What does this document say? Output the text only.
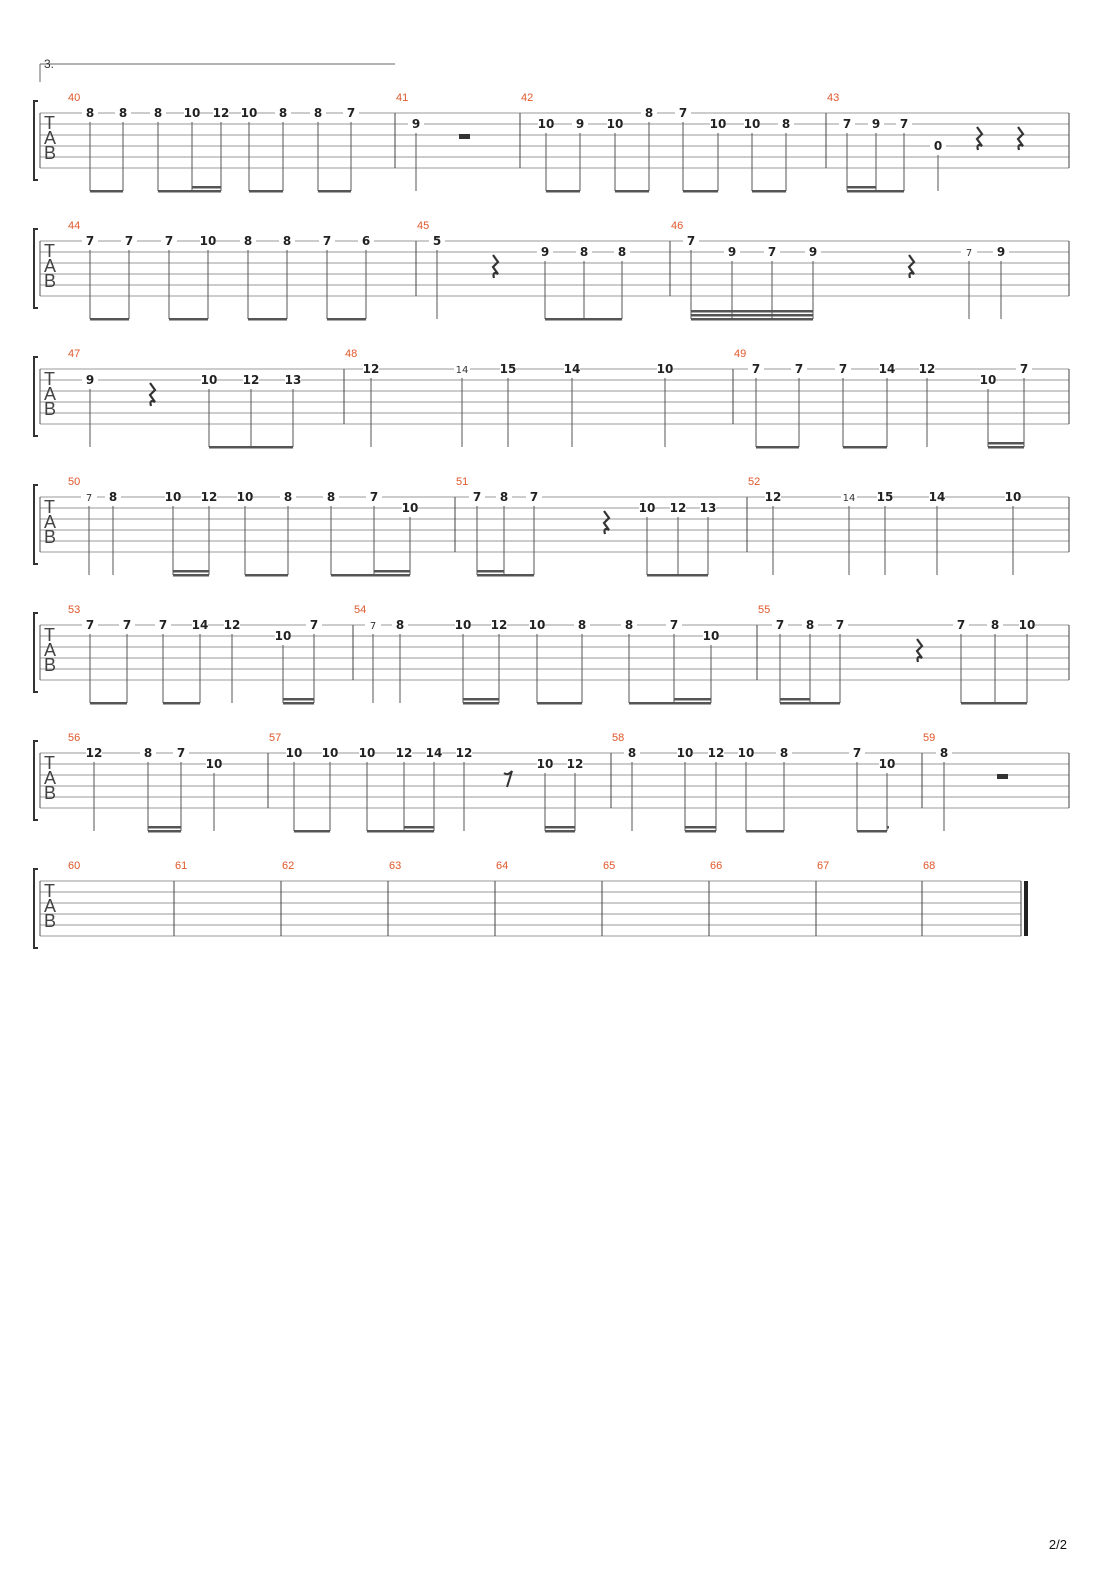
3.
T
A
B
40
8 8 8 10 12 10 8 8 7
41
9
42
10 9 10
8 7
10 10 8
43
7 9 7
0
T
A
B
44
7	7	7 10 8	8	7	6
45
5
9	8 8
46
7
9	7	9	7 9
T
A
B
47
9	10 12 13
48
12	14	15	14	10
49
7	7	7	14 12
10
7
T
A
B
50
7 8	10 12 10	8	8	7
10
51
7 8 7
10 12 13
52
12	14 15	14	10
T
A
B
53
7 7 7 14 12
10
7
54
7 8	10 12 10	8	8	7
10
55
7 8 7	7 8 10
T
A
B
56
12	8 7
10
57
10 10 10 12 14 12
10 12
58
8	10 12 10 8	7
10
59
8
T
A
B
60	61	62	63	64	65	66	67	68
2/2
